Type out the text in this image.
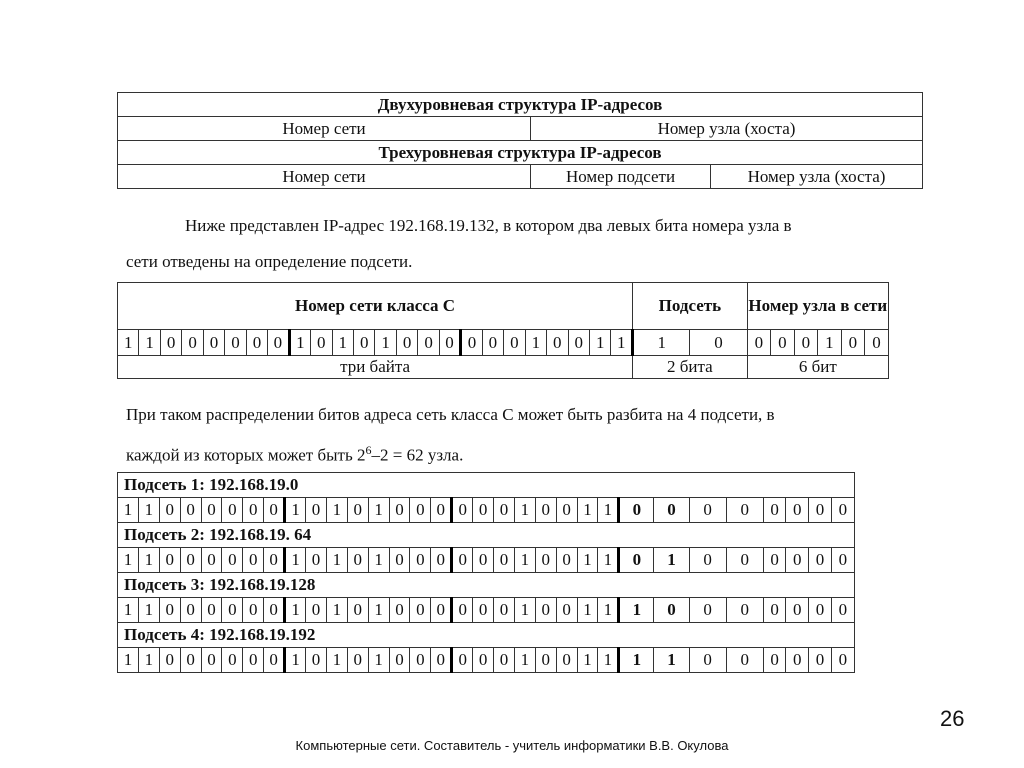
Двухуровневая структура IP-адресов		
Номер сети	Номер узла (хоста)	
Трехуровневая структура IP-адресов		
Номер сети	Номер подсети	Номер узла (хоста)
Ниже представлен IP-адрес 192.168.19.132, в котором два левых бита номера узла в
сети отведены на определение подсети.
Номер сети класса С																								Подсеть		Номер узла в сети					
1	1	0	0	0	0	0	0	1	0	1	0	1	0	0	0	0	0	0	1	0	0	1	1	1	0	0	0	0	1	0	0
три байта																								2 бита		6 бит					
При таком распределении битов адреса сеть класса С может быть разбита на 4 подсети, в
каждой из которых может быть $2^6-2 = 62$ узла.
Подсеть 1: 192.168.19.0																															
1	1	0	0	0	0	0	0	1	0	1	0	1	0	0	0	0	0	0	1	0	0	1	1	0	0	0	0	0	0	0	0
Подсеть 2: 192.168.19. 64																															
1	1	0	0	0	0	0	0	1	0	1	0	1	0	0	0	0	0	0	1	0	0	1	1	0	1	0	0	0	0	0	0
Подсеть 3: 192.168.19.128																															
1	1	0	0	0	0	0	0	1	0	1	0	1	0	0	0	0	0	0	1	0	0	1	1	1	0	0	0	0	0	0	0
Подсеть 4: 192.168.19.192																															
1	1	0	0	0	0	0	0	1	0	1	0	1	0	0	0	0	0	0	1	0	0	1	1	1	1	0	0	0	0	0	0
26
Компьютерные сети. Составитель - учитель информатики В.В. Окулова
